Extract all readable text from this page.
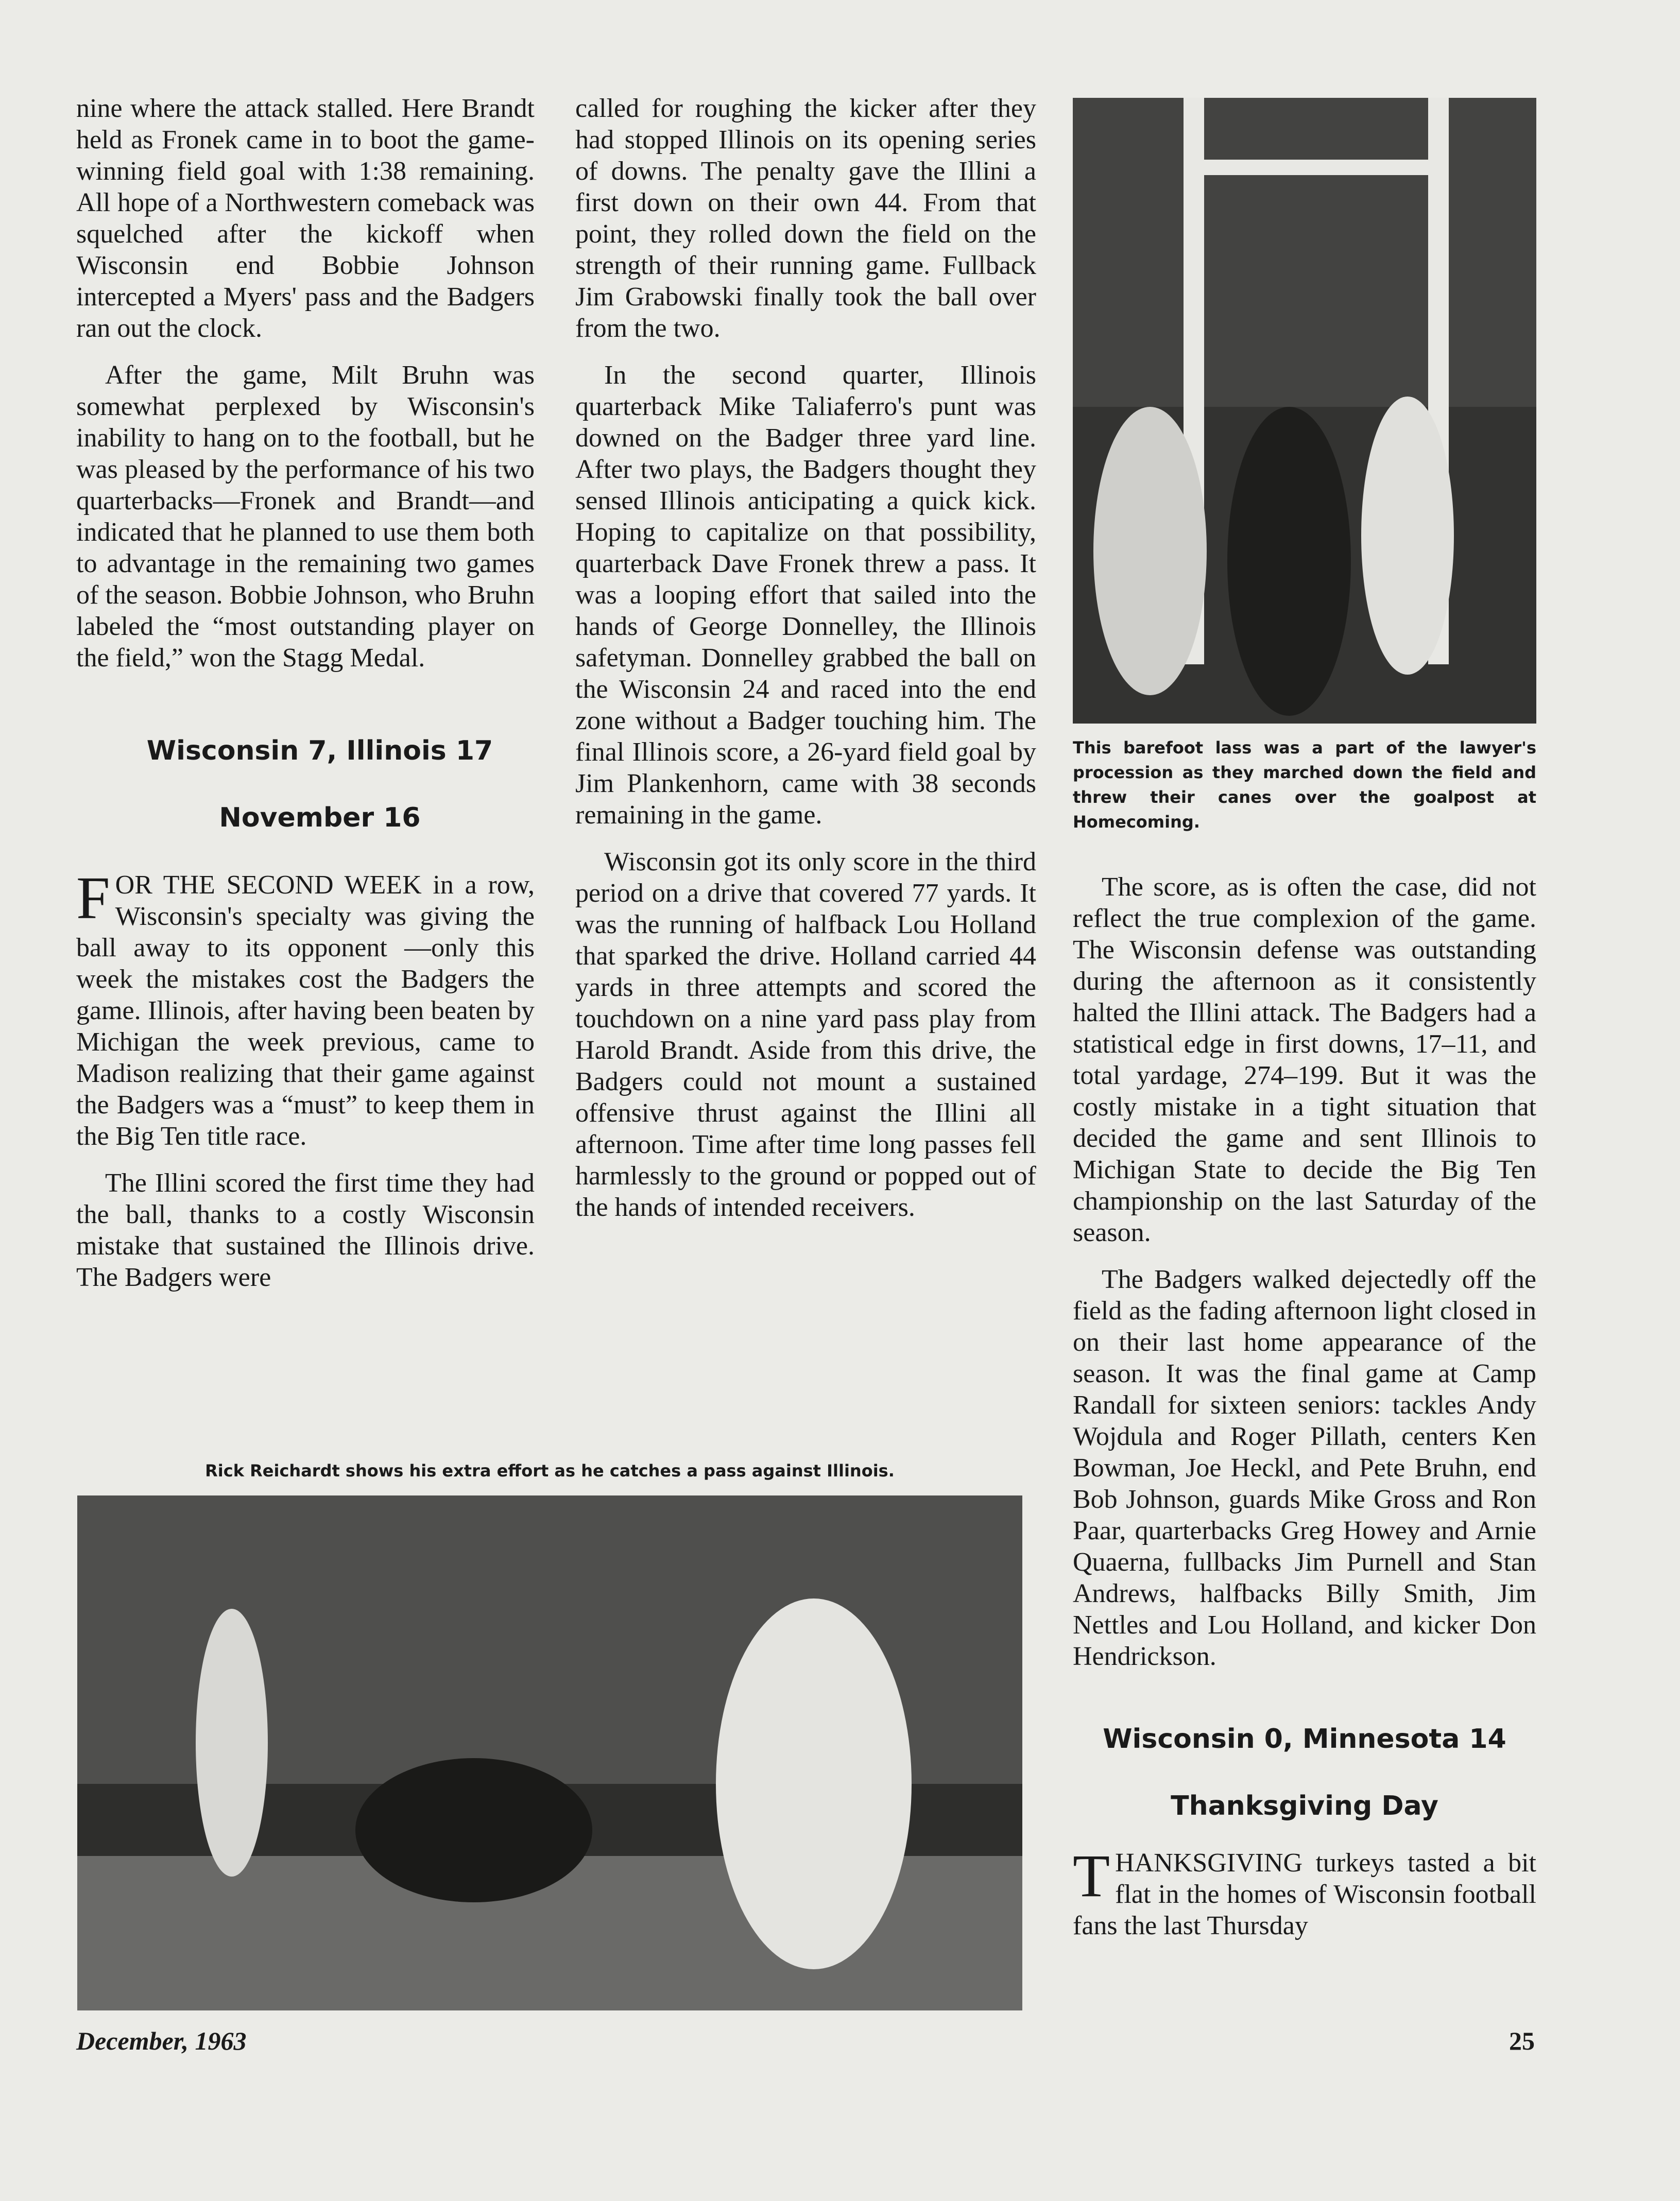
nine where the attack stalled. Here Brandt held as Fronek came in to boot the game-winning field goal with 1:38 remaining. All hope of a Northwestern comeback was squelched after the kickoff when Wisconsin end Bobbie Johnson intercepted a Myers' pass and the Badgers ran out the clock.

After the game, Milt Bruhn was somewhat perplexed by Wisconsin's inability to hang on to the football, but he was pleased by the performance of his two quarterbacks—Fronek and Brandt—and indicated that he planned to use them both to advantage in the remaining two games of the season. Bobbie Johnson, who Bruhn labeled the “most outstanding player on the field,” won the Stagg Medal.

Wisconsin 7, Illinois 17

November 16

FOR THE SECOND WEEK in a row, Wisconsin's specialty was giving the ball away to its opponent —only this week the mistakes cost the Badgers the game. Illinois, after having been beaten by Michigan the week previous, came to Madison realizing that their game against the Badgers was a “must” to keep them in the Big Ten title race.

The Illini scored the first time they had the ball, thanks to a costly Wisconsin mistake that sustained the Illinois drive. The Badgers were

called for roughing the kicker after they had stopped Illinois on its opening series of downs. The penalty gave the Illini a first down on their own 44. From that point, they rolled down the field on the strength of their running game. Fullback Jim Grabowski finally took the ball over from the two.

In the second quarter, Illinois quarterback Mike Taliaferro's punt was downed on the Badger three yard line. After two plays, the Badgers thought they sensed Illinois anticipating a quick kick. Hoping to capitalize on that possibility, quarterback Dave Fronek threw a pass. It was a looping effort that sailed into the hands of George Donnelley, the Illinois safetyman. Donnelley grabbed the ball on the Wisconsin 24 and raced into the end zone without a Badger touching him. The final Illinois score, a 26-yard field goal by Jim Plankenhorn, came with 38 seconds remaining in the game.

Wisconsin got its only score in the third period on a drive that covered 77 yards. It was the running of halfback Lou Holland that sparked the drive. Holland carried 44 yards in three attempts and scored the touchdown on a nine yard pass play from Harold Brandt. Aside from this drive, the Badgers could not mount a sustained offensive thrust against the Illini all afternoon. Time after time long passes fell harmlessly to the ground or popped out of the hands of intended receivers.

This barefoot lass was a part of the lawyer's procession as they marched down the field and threw their canes over the goalpost at Homecoming.

The score, as is often the case, did not reflect the true complexion of the game. The Wisconsin defense was outstanding during the afternoon as it consistently halted the Illini attack. The Badgers had a statistical edge in first downs, 17–11, and total yardage, 274–199. But it was the costly mistake in a tight situation that decided the game and sent Illinois to Michigan State to decide the Big Ten championship on the last Saturday of the season.

The Badgers walked dejectedly off the field as the fading afternoon light closed in on their last home appearance of the season. It was the final game at Camp Randall for sixteen seniors: tackles Andy Wojdula and Roger Pillath, centers Ken Bowman, Joe Heckl, and Pete Bruhn, end Bob Johnson, guards Mike Gross and Ron Paar, quarterbacks Greg Howey and Arnie Quaerna, fullbacks Jim Purnell and Stan Andrews, halfbacks Billy Smith, Jim Nettles and Lou Holland, and kicker Don Hendrickson.

Wisconsin 0, Minnesota 14

Thanksgiving Day

THANKSGIVING turkeys tasted a bit flat in the homes of Wisconsin football fans the last Thursday

Rick Reichardt shows his extra effort as he catches a pass against Illinois.
December, 1963	25
